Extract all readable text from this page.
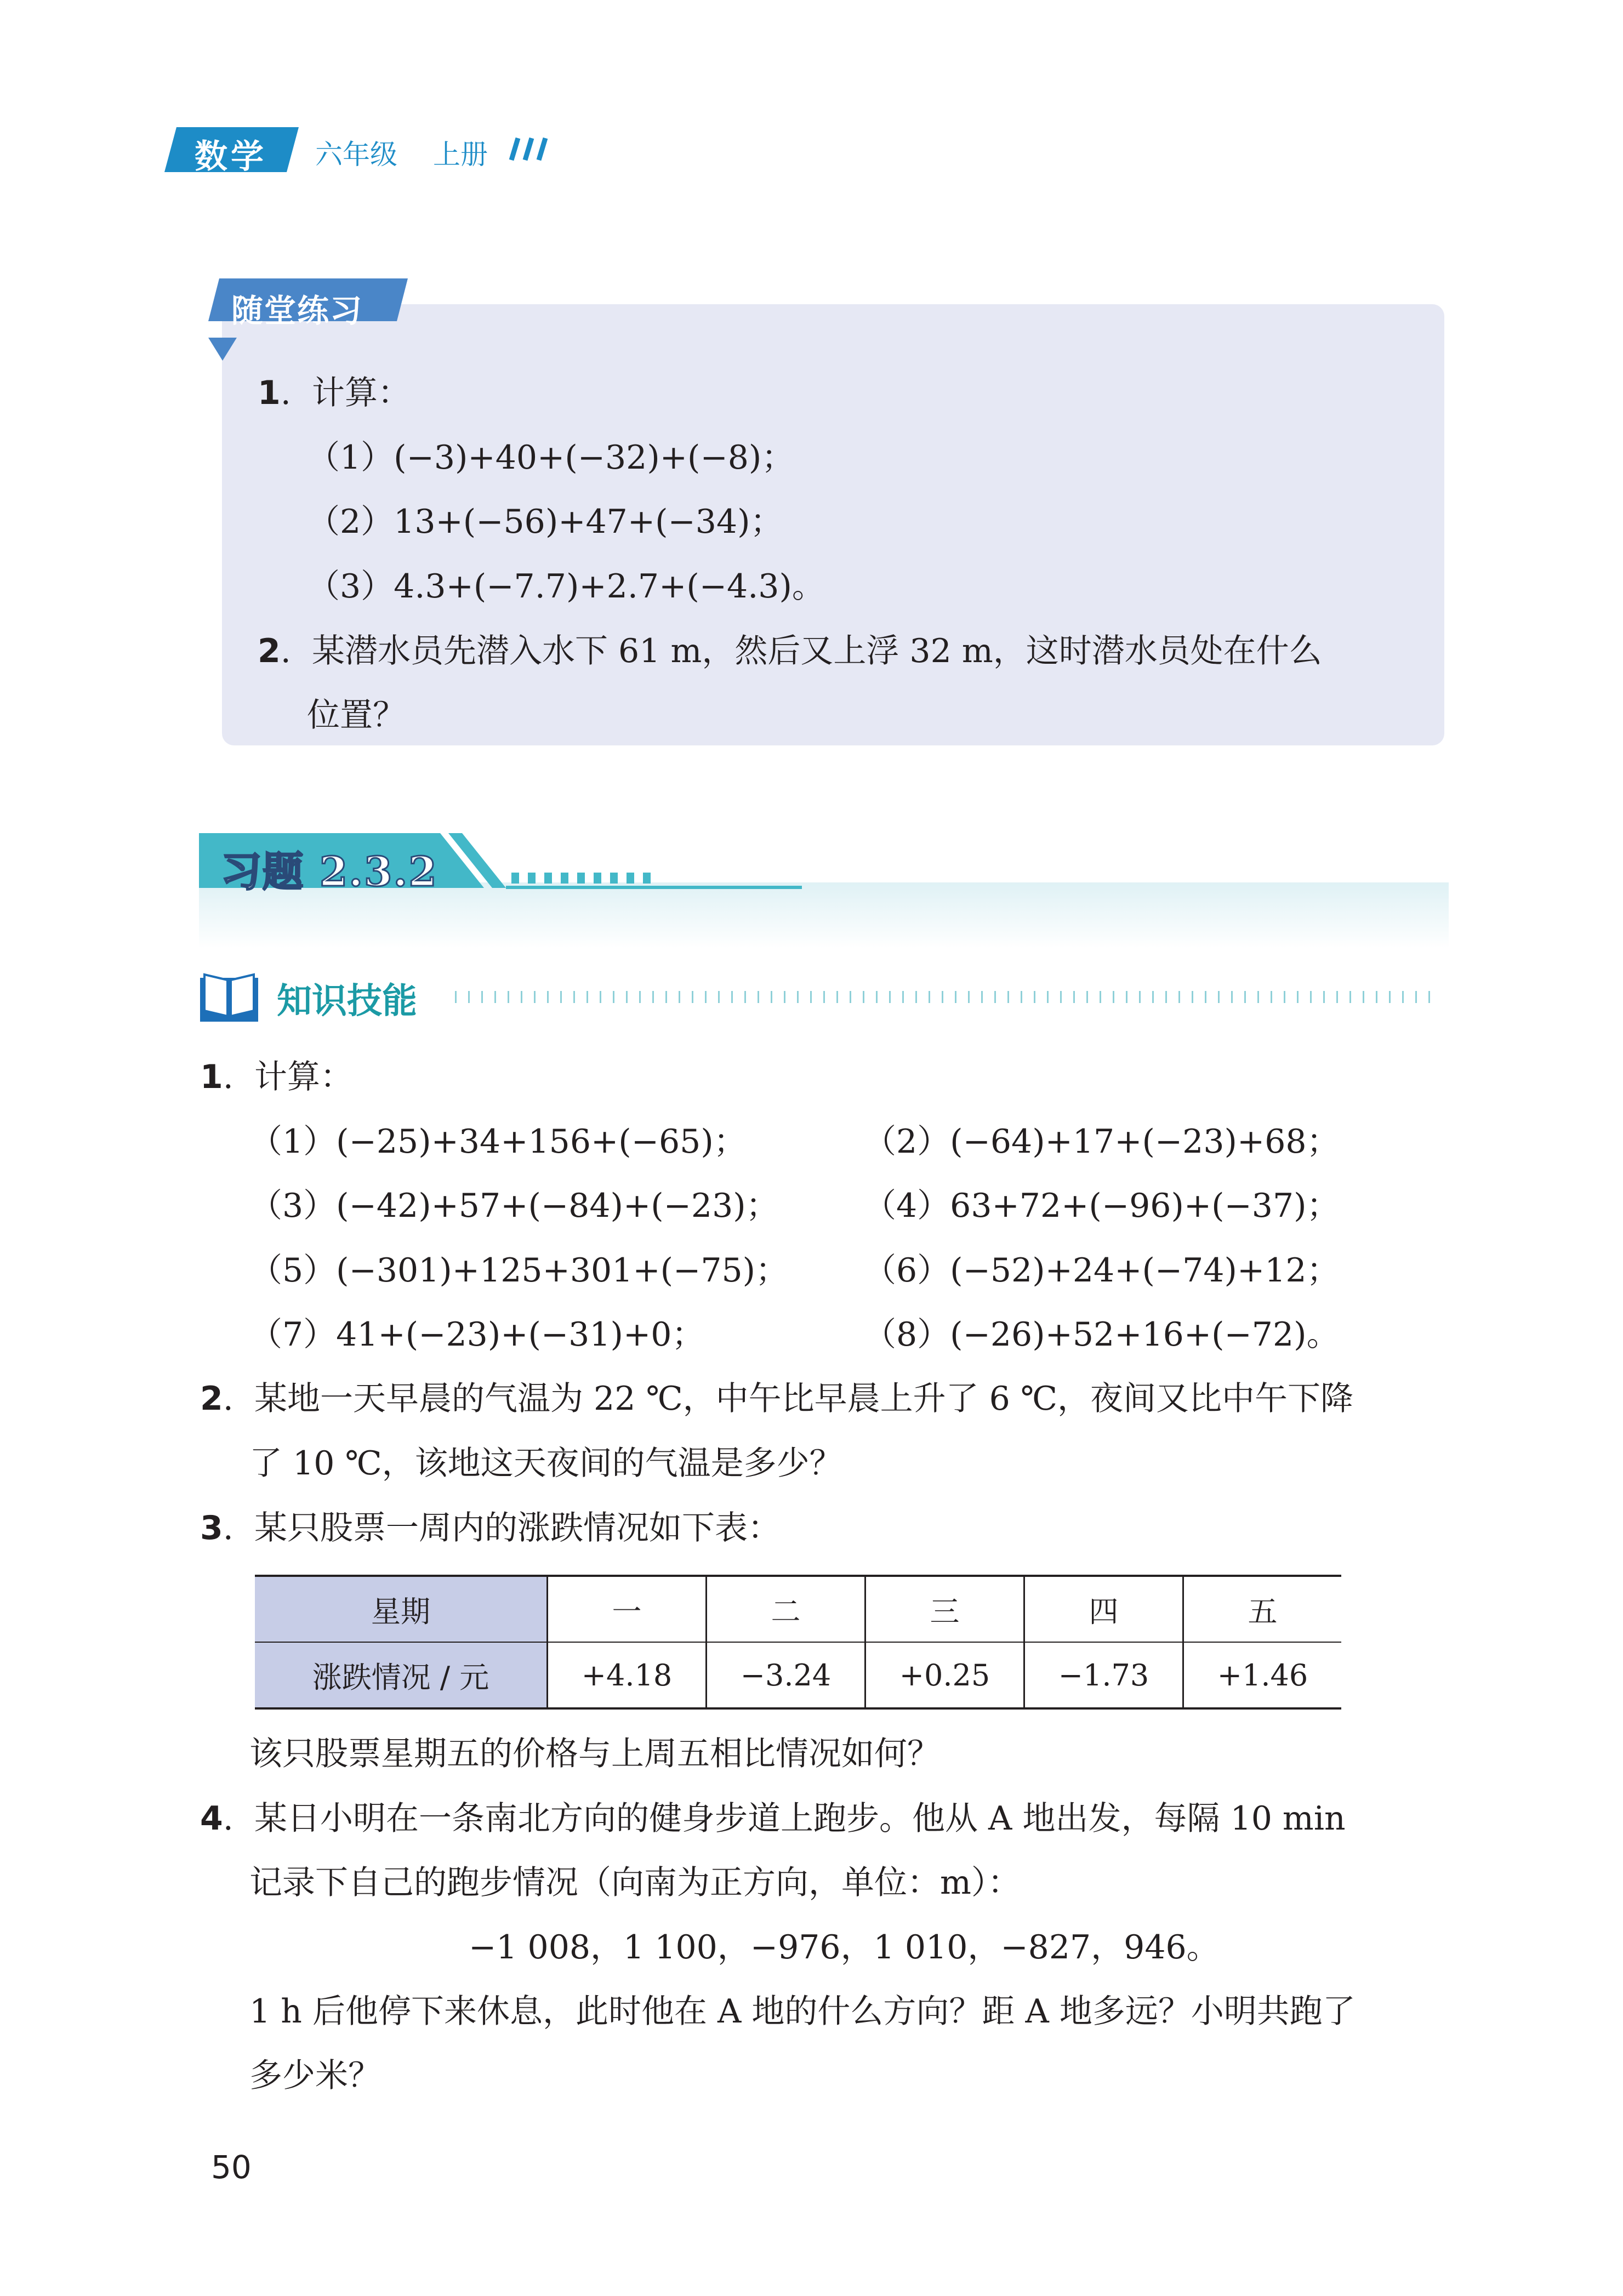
数学 六年级 上册
随堂练习
1.  计算：
（1）(−3)+40+(−32)+(−8)；
（2）13+(−56)+47+(−34)；
（3）4.3+(−7.7)+2.7+(−4.3)。
2.  某潜水员先潜入水下 61 m，然后又上浮 32 m，这时潜水员处在什么
位置？
习题 2.3.2
知识技能
1.  计算：
（1）(−25)+34+156+(−65)；	（2）(−64)+17+(−23)+68；
（3）(−42)+57+(−84)+(−23)；	（4）63+72+(−96)+(−37)；
（5）(−301)+125+301+(−75)； （6）(−52)+24+(−74)+12；
（7）41+(−23)+(−31)+0；	（8）(−26)+52+16+(−72)。
2.  某地一天早晨的气温为 22 ℃，中午比早晨上升了 6 ℃，夜间又比中午下降
了 10 ℃，该地这天夜间的气温是多少？
3.  某只股票一周内的涨跌情况如下表：
星期	一	二	三	四	五
涨跌情况 / 元	+4.18	−3.24	+0.25	−1.73	+1.46
该只股票星期五的价格与上周五相比情况如何？
4.  某日小明在一条南北方向的健身步道上跑步。他从 A 地出发，每隔 10 min
记录下自己的跑步情况（向南为正方向，单位：m）：
−1 008，1 100，−976，1 010，−827，946。
1 h 后他停下来休息，此时他在 A 地的什么方向？距 A 地多远？小明共跑了
多少米？
50
